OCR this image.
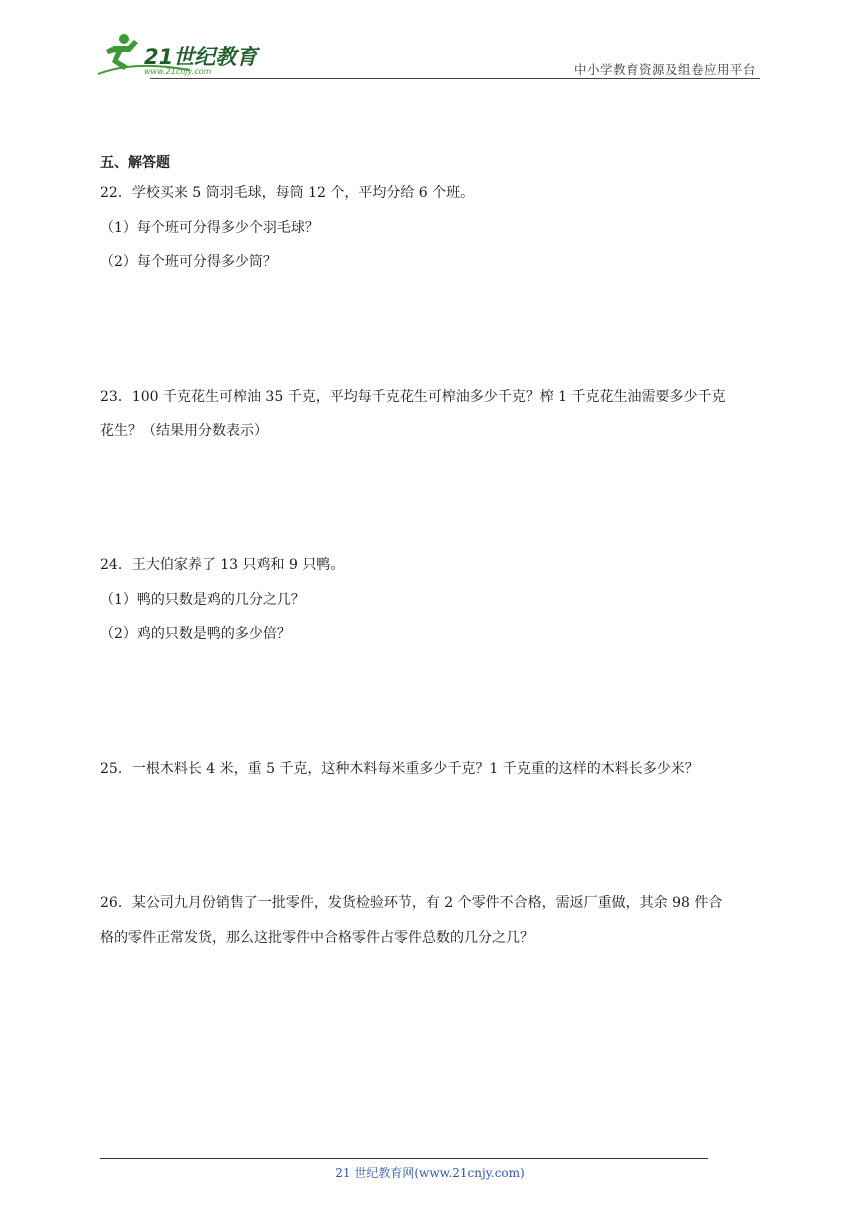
21世纪教育
www.21cnjy.com	中小学教育资源及组卷应用平台
五、解答题
22．学校买来 5 筒羽毛球，每筒 12 个，平均分给 6 个班。
（1）每个班可分得多少个羽毛球？
（2）每个班可分得多少筒？
23．100 千克花生可榨油 35 千克，平均每千克花生可榨油多少千克？榨 1 千克花生油需要多少千克
花生？（结果用分数表示）
24．王大伯家养了 13 只鸡和 9 只鸭。
（1）鸭的只数是鸡的几分之几？
（2）鸡的只数是鸭的多少倍？
25．一根木料长 4 米，重 5 千克，这种木料每米重多少千克？1 千克重的这样的木料长多少米？
26．某公司九月份销售了一批零件，发货检验环节，有 2 个零件不合格，需返厂重做，其余 98 件合
格的零件正常发货，那么这批零件中合格零件占零件总数的几分之几？
21 世纪教育网(www.21cnjy.com)
